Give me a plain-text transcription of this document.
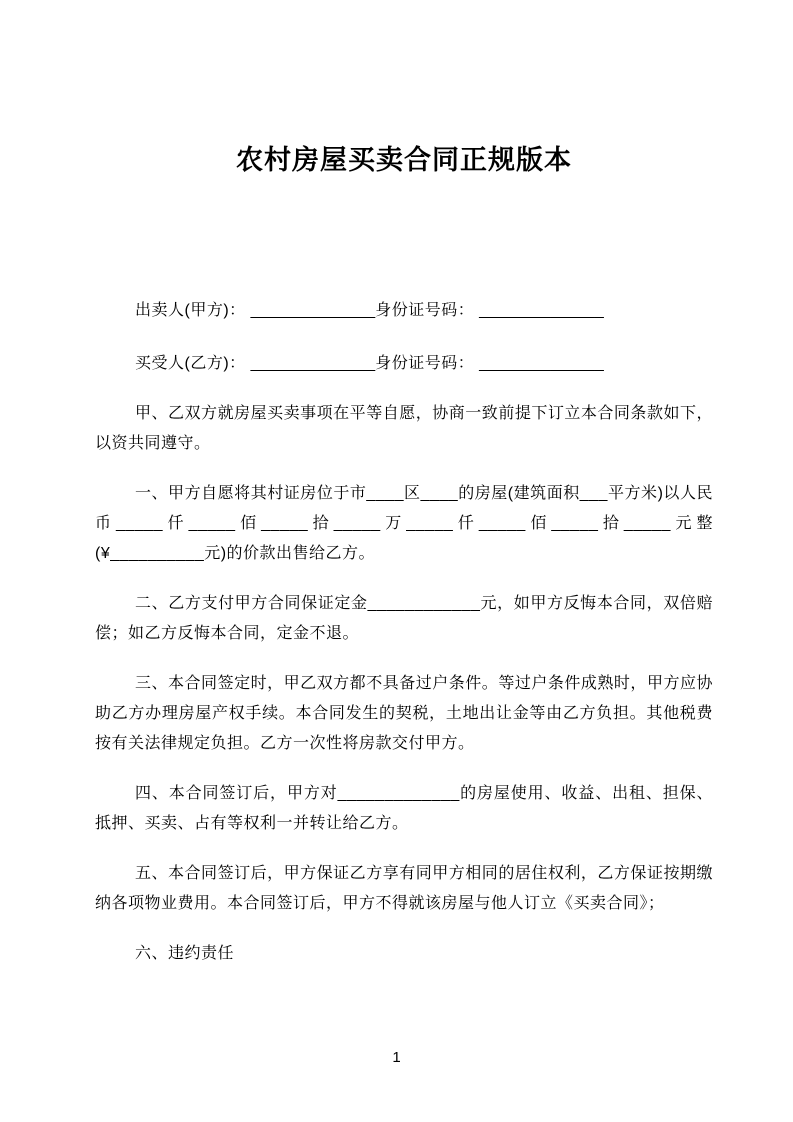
农村房屋买卖合同正规版本

出卖人(甲方)： ______________身份证号码： ______________

买受人(乙方)： ______________身份证号码： ______________

甲、乙双方就房屋买卖事项在平等自愿，协商一致前提下订立本合同条款如下，以资共同遵守。

一、甲方自愿将其村证房位于市____区____的房屋(建筑面积___平方米)以人民币_____仟_____佰_____拾_____万_____仟_____佰_____拾_____元整(¥__________元)的价款出售给乙方。

二、乙方支付甲方合同保证定金____________元，如甲方反悔本合同，双倍赔偿；如乙方反悔本合同，定金不退。

三、本合同签定时，甲乙双方都不具备过户条件。等过户条件成熟时，甲方应协助乙方办理房屋产权手续。本合同发生的契税，土地出让金等由乙方负担。其他税费按有关法律规定负担。乙方一次性将房款交付甲方。

四、本合同签订后，甲方对_____________的房屋使用、收益、出租、担保、抵押、买卖、占有等权利一并转让给乙方。

五、本合同签订后，甲方保证乙方享有同甲方相同的居住权利，乙方保证按期缴纳各项物业费用。本合同签订后，甲方不得就该房屋与他人订立《买卖合同》；

六、违约责任

1
